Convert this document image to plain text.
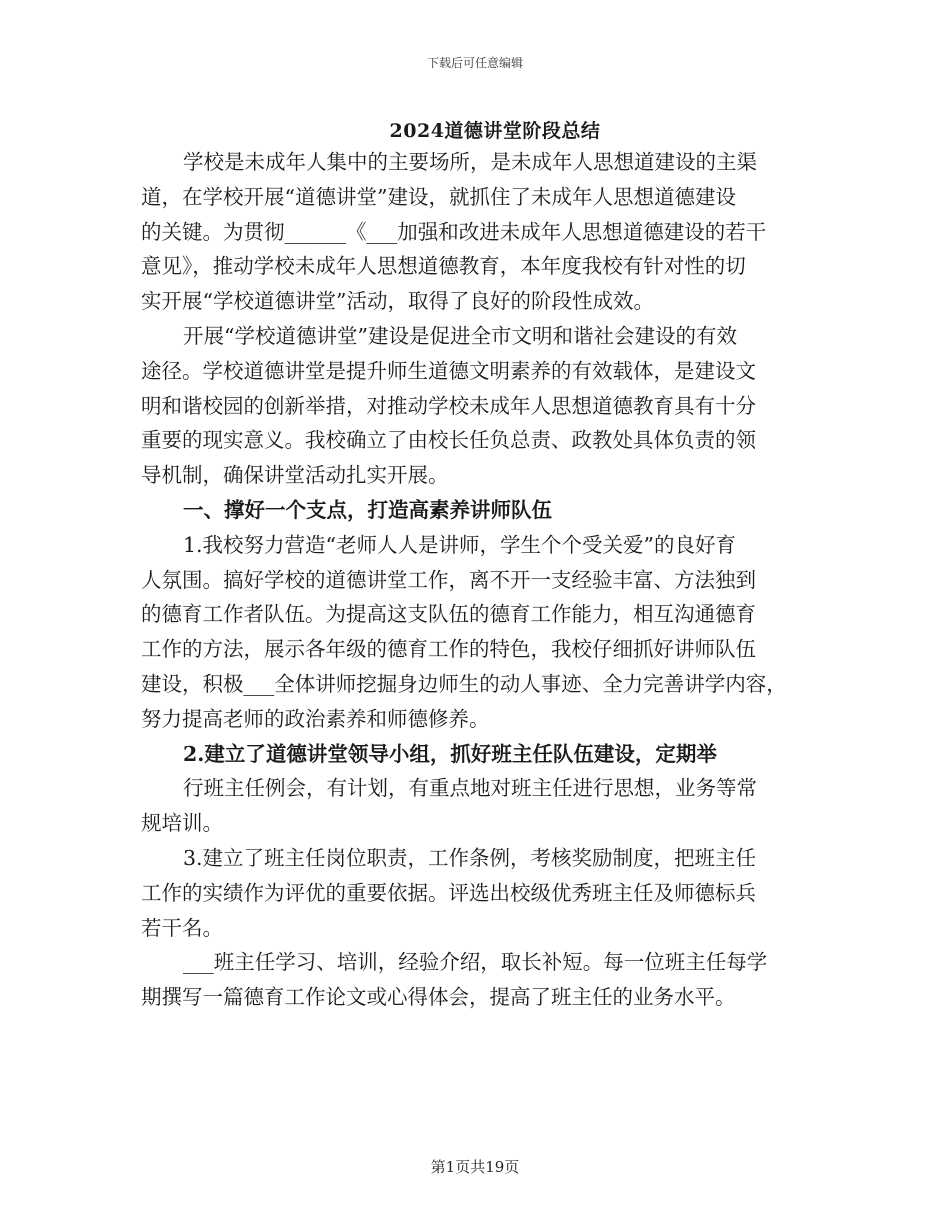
下载后可任意编辑
2024道德讲堂阶段总结
学校是未成年人集中的主要场所，是未成年人思想道建设的主渠
道，在学校开展“道德讲堂”建设，就抓住了未成年人思想道德建设
的关键。为贯彻______《___加强和改进未成年人思想道德建设的若干
意见》，推动学校未成年人思想道德教育，本年度我校有针对性的切
实开展“学校道德讲堂”活动，取得了良好的阶段性成效。
开展“学校道德讲堂”建设是促进全市文明和谐社会建设的有效
途径。学校道德讲堂是提升师生道德文明素养的有效载体，是建设文
明和谐校园的创新举措，对推动学校未成年人思想道德教育具有十分
重要的现实意义。我校确立了由校长任负总责、政教处具体负责的领
导机制，确保讲堂活动扎实开展。
一、撑好一个支点，打造高素养讲师队伍
1.我校努力营造“老师人人是讲师，学生个个受关爱”的良好育
人氛围。搞好学校的道德讲堂工作，离不开一支经验丰富、方法独到
的德育工作者队伍。为提高这支队伍的德育工作能力，相互沟通德育
工作的方法，展示各年级的德育工作的特色，我校仔细抓好讲师队伍
建设，积极___全体讲师挖掘身边师生的动人事迹、全力完善讲学内容，
努力提高老师的政治素养和师德修养。
2.建立了道德讲堂领导小组，抓好班主任队伍建设，定期举
行班主任例会，有计划，有重点地对班主任进行思想，业务等常
规培训。
3.建立了班主任岗位职责，工作条例，考核奖励制度，把班主任
工作的实绩作为评优的重要依据。评选出校级优秀班主任及师德标兵
若干名。
___班主任学习、培训，经验介绍，取长补短。每一位班主任每学
期撰写一篇德育工作论文或心得体会，提高了班主任的业务水平。
第1页共19页
